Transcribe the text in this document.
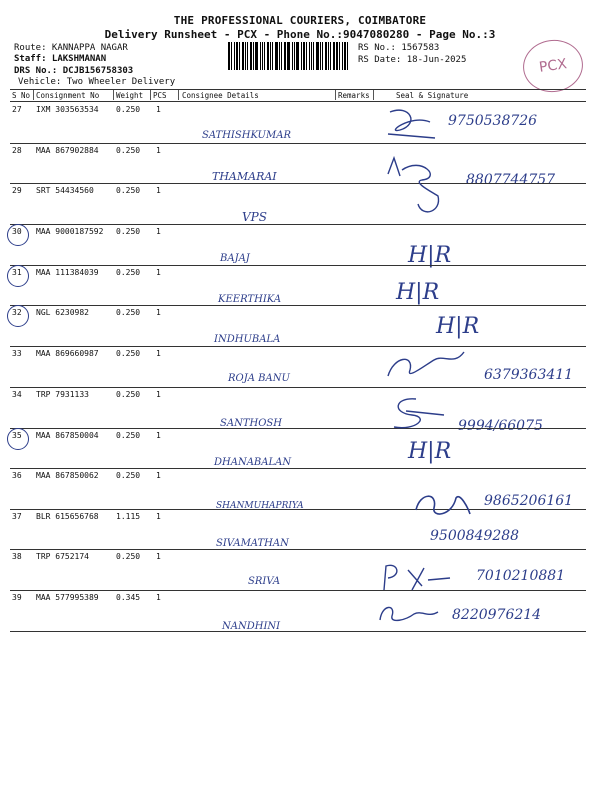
THE PROFESSIONAL COURIERS, COIMBATORE
Delivery Runsheet - PCX - Phone No.:9047080280 - Page No.:3
Route: KANNAPPA NAGAR
Staff: LAKSHMANAN
DRS No.: DCJB156758303
Vehicle: Two Wheeler Delivery
RS No.: 1567583
RS Date: 18-Jun-2025	PCX
S No Consignment No Weight PCS Consignee Details	Remarks	Seal & Signature
27 IXM 303563534 0.250 1
SATHISHKUMAR
9750538726
28 MAA 867902884 0.250 1
THAMARAI	8807744757
29 SRT 54434560	0.250 1
VPS
30 MAA 9000187592 0.250 1
BAJAJ	H|R
31 MAA 111384039 0.250 1
KEERTHIKA	H|R
32 NGL 6230982	0.250 1
INDHUBALA
H|R
33 MAA 869660987 0.250 1
ROJA BANU	6379363411
34 TRP 7931133	0.250 1
SANTHOSH	9994/66075
35 MAA 867850004 0.250 1
DHANABALAN	H|R
36 MAA 867850062 0.250 1
SHANMUHAPRIYA	9865206161
37 BLR 615656768 1.115 1
SIVAMATHAN	9500849288
38 TRP 6752174	0.250 1
SRIVA	7010210881
39 MAA 577995389 0.345 1
NANDHINI
8220976214
